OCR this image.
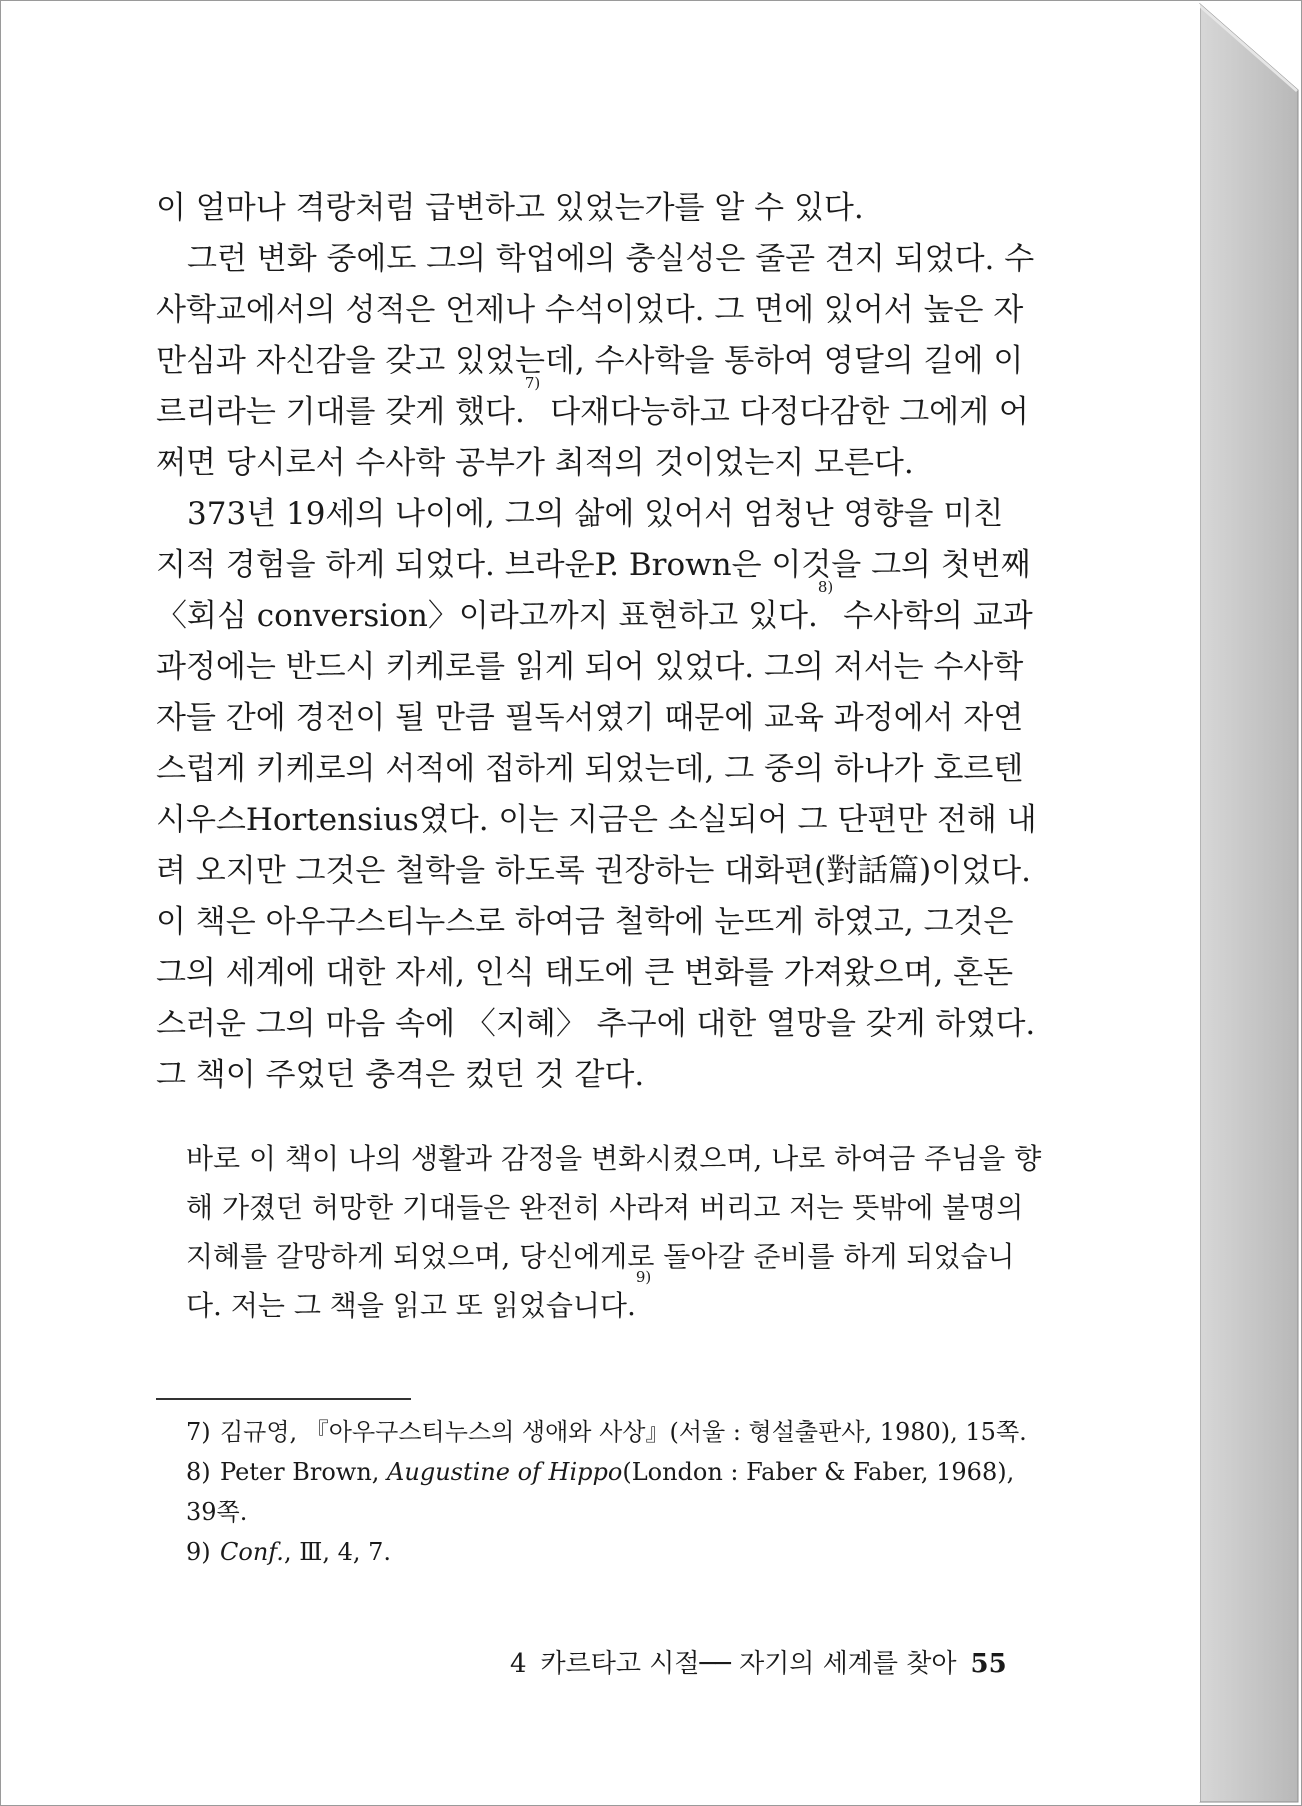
이 얼마나 격랑처럼 급변하고 있었는가를 알 수 있다.

　그런 변화 중에도 그의 학업에의 충실성은 줄곧 견지 되었다. 수사학교에서의 성적은 언제나 수석이었다. 그 면에 있어서 높은 자만심과 자신감을 갖고 있었는데, 수사학을 통하여 영달의 길에 이르리라는 기대를 갖게 했다.$^{7)}$ 다재다능하고 다정다감한 그에게 어쩌면 당시로서 수사학 공부가 최적의 것이었는지 모른다.

　373년 19세의 나이에, 그의 삶에 있어서 엄청난 영향을 미친 지적 경험을 하게 되었다. 브라운P. Brown은 이것을 그의 첫번째 〈회심 conversion〉이라고까지 표현하고 있다.$^{8)}$ 수사학의 교과 과정에는 반드시 키케로를 읽게 되어 있었다. 그의 저서는 수사학자들 간에 경전이 될 만큼 필독서였기 때문에 교육 과정에서 자연스럽게 키케로의 서적에 접하게 되었는데, 그 중의 하나가 호르텐시우스Hortensius였다. 이는 지금은 소실되어 그 단편만 전해 내려 오지만 그것은 철학을 하도록 권장하는 대화편(對話篇)이었다. 이 책은 아우구스티누스로 하여금 철학에 눈뜨게 하였고, 그것은 그의 세계에 대한 자세, 인식 태도에 큰 변화를 가져왔으며, 혼돈스러운 그의 마음 속에 〈지혜〉 추구에 대한 열망을 갖게 하였다. 그 책이 주었던 충격은 컸던 것 같다.

바로 이 책이 나의 생활과 감정을 변화시켰으며, 나로 하여금 주님을 향해 가졌던 허망한 기대들은 완전히 사라져 버리고 저는 뜻밖에 불명의 지혜를 갈망하게 되었으며, 당신에게로 돌아갈 준비를 하게 되었습니다. 저는 그 책을 읽고 또 읽었습니다.$^{9)}$

7) 김규영, 『아우구스티누스의 생애와 사상』(서울 : 형설출판사, 1980), 15쪽.

8) Peter Brown, Augustine of Hippo(London : Faber & Faber, 1968), 39쪽.

9) Conf., Ⅲ, 4, 7.

4 카르타고 시절── 자기의 세계를 찾아 55
